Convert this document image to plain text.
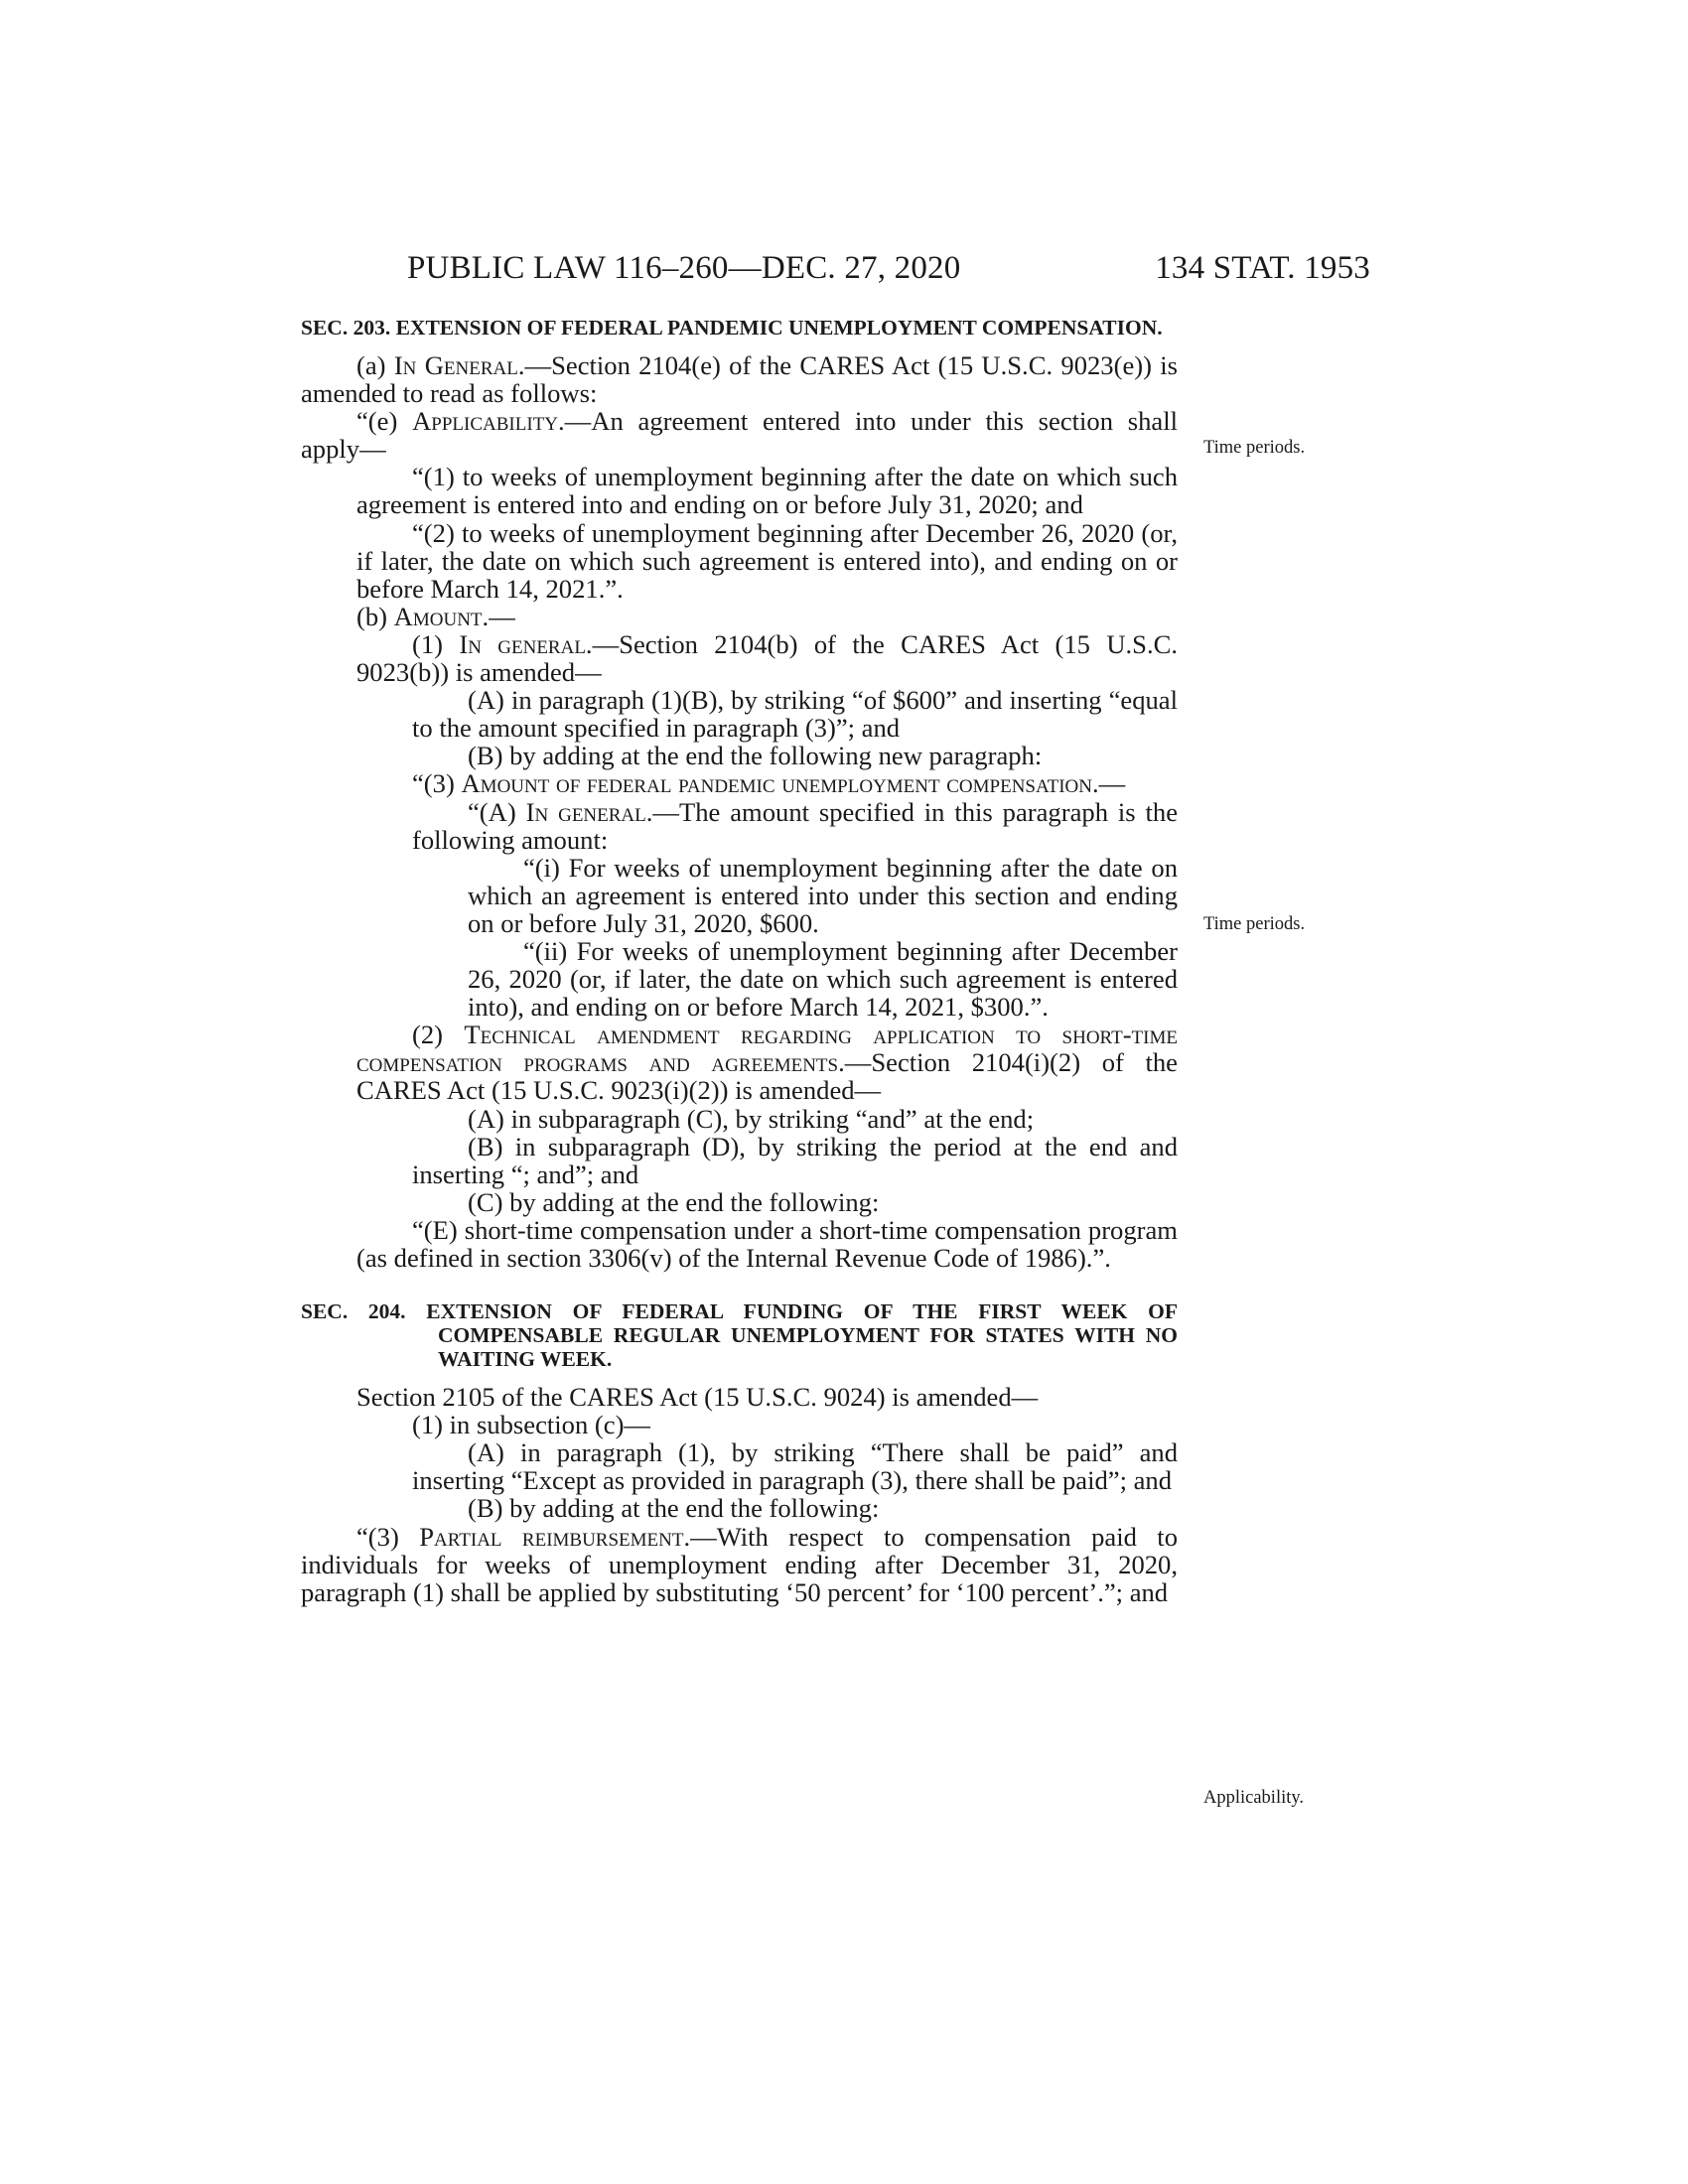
PUBLIC LAW 116–260—DEC. 27, 2020	134 STAT. 1953
Time periods.
Time periods.
Applicability.

SEC. 203. EXTENSION OF FEDERAL PANDEMIC UNEMPLOYMENT COMPENSATION.

(a) In General.—Section 2104(e) of the CARES Act (15 U.S.C. 9023(e)) is amended to read as follows:

“(e) Applicability.—An agreement entered into under this section shall apply—

“(1) to weeks of unemployment beginning after the date on which such agreement is entered into and ending on or before July 31, 2020; and

“(2) to weeks of unemployment beginning after December 26, 2020 (or, if later, the date on which such agreement is entered into), and ending on or before March 14, 2021.”.

(b) Amount.—

(1) In general.—Section 2104(b) of the CARES Act (15 U.S.C. 9023(b)) is amended—

(A) in paragraph (1)(B), by striking “of $600” and inserting “equal to the amount specified in paragraph (3)”; and

(B) by adding at the end the following new paragraph:

“(3) Amount of federal pandemic unemployment compensation.—

“(A) In general.—The amount specified in this paragraph is the following amount:

“(i) For weeks of unemployment beginning after the date on which an agreement is entered into under this section and ending on or before July 31, 2020, $600.

“(ii) For weeks of unemployment beginning after December 26, 2020 (or, if later, the date on which such agreement is entered into), and ending on or before March 14, 2021, $300.”.

(2) Technical amendment regarding application to short-time compensation programs and agreements.—Section 2104(i)(2) of the CARES Act (15 U.S.C. 9023(i)(2)) is amended—

(A) in subparagraph (C), by striking “and” at the end;

(B) in subparagraph (D), by striking the period at the end and inserting “; and”; and

(C) by adding at the end the following:

“(E) short-time compensation under a short-time compensation program (as defined in section 3306(v) of the Internal Revenue Code of 1986).”.

SEC. 204. EXTENSION OF FEDERAL FUNDING OF THE FIRST WEEK OF COMPENSABLE REGULAR UNEMPLOYMENT FOR STATES WITH NO WAITING WEEK.

Section 2105 of the CARES Act (15 U.S.C. 9024) is amended—

(1) in subsection (c)—

(A) in paragraph (1), by striking “There shall be paid” and inserting “Except as provided in paragraph (3), there shall be paid”; and

(B) by adding at the end the following:

“(3) Partial reimbursement.—With respect to compensation paid to individuals for weeks of unemployment ending after December 31, 2020, paragraph (1) shall be applied by substituting ‘50 percent’ for ‘100 percent’.”; and
